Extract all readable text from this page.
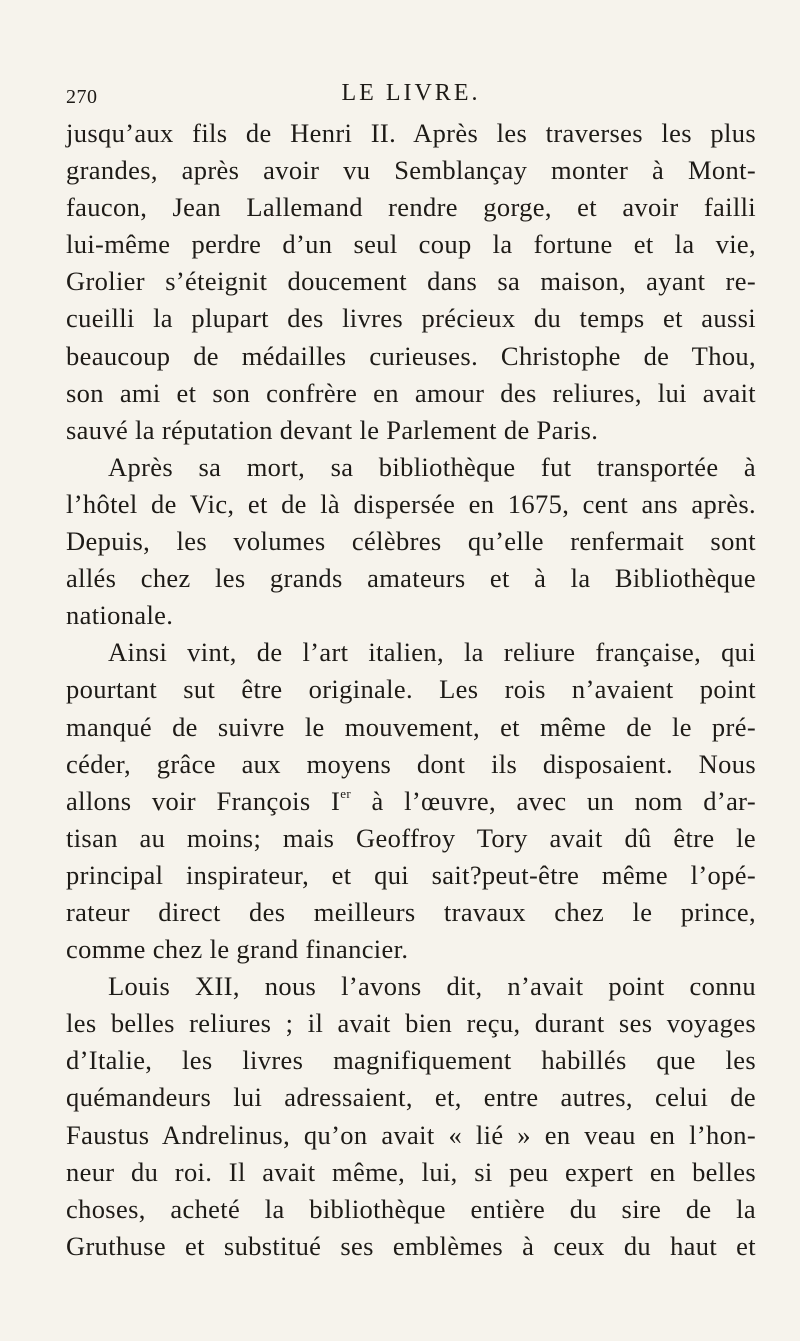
270	LE LIVRE.
jusqu’aux fils de Henri II. Après les traverses les plus
grandes, après avoir vu Semblançay monter à Mont-
faucon, Jean Lallemand rendre gorge, et avoir failli
lui-même perdre d’un seul coup la fortune et la vie,
Grolier s’éteignit doucement dans sa maison, ayant re-
cueilli la plupart des livres précieux du temps et aussi
beaucoup de médailles curieuses. Christophe de Thou,
son ami et son confrère en amour des reliures, lui avait
sauvé la réputation devant le Parlement de Paris.
Après sa mort, sa bibliothèque fut transportée à
l’hôtel de Vic, et de là dispersée en 1675, cent ans après.
Depuis, les volumes célèbres qu’elle renfermait sont
allés chez les grands amateurs et à la Bibliothèque
nationale.
Ainsi vint, de l’art italien, la reliure française, qui
pourtant sut être originale. Les rois n’avaient point
manqué de suivre le mouvement, et même de le pré-
céder, grâce aux moyens dont ils disposaient. Nous
allons voir François Ier à l’œuvre, avec un nom d’ar-
tisan au moins; mais Geoffroy Tory avait dû être le
principal inspirateur, et qui sait?peut-être même l’opé-
rateur direct des meilleurs travaux chez le prince,
comme chez le grand financier.
Louis XII, nous l’avons dit, n’avait point connu
les belles reliures ; il avait bien reçu, durant ses voyages
d’Italie, les livres magnifiquement habillés que les
quémandeurs lui adressaient, et, entre autres, celui de
Faustus Andrelinus, qu’on avait « lié » en veau en l’hon-
neur du roi. Il avait même, lui, si peu expert en belles
choses, acheté la bibliothèque entière du sire de la
Gruthuse et substitué ses emblèmes à ceux du haut et
